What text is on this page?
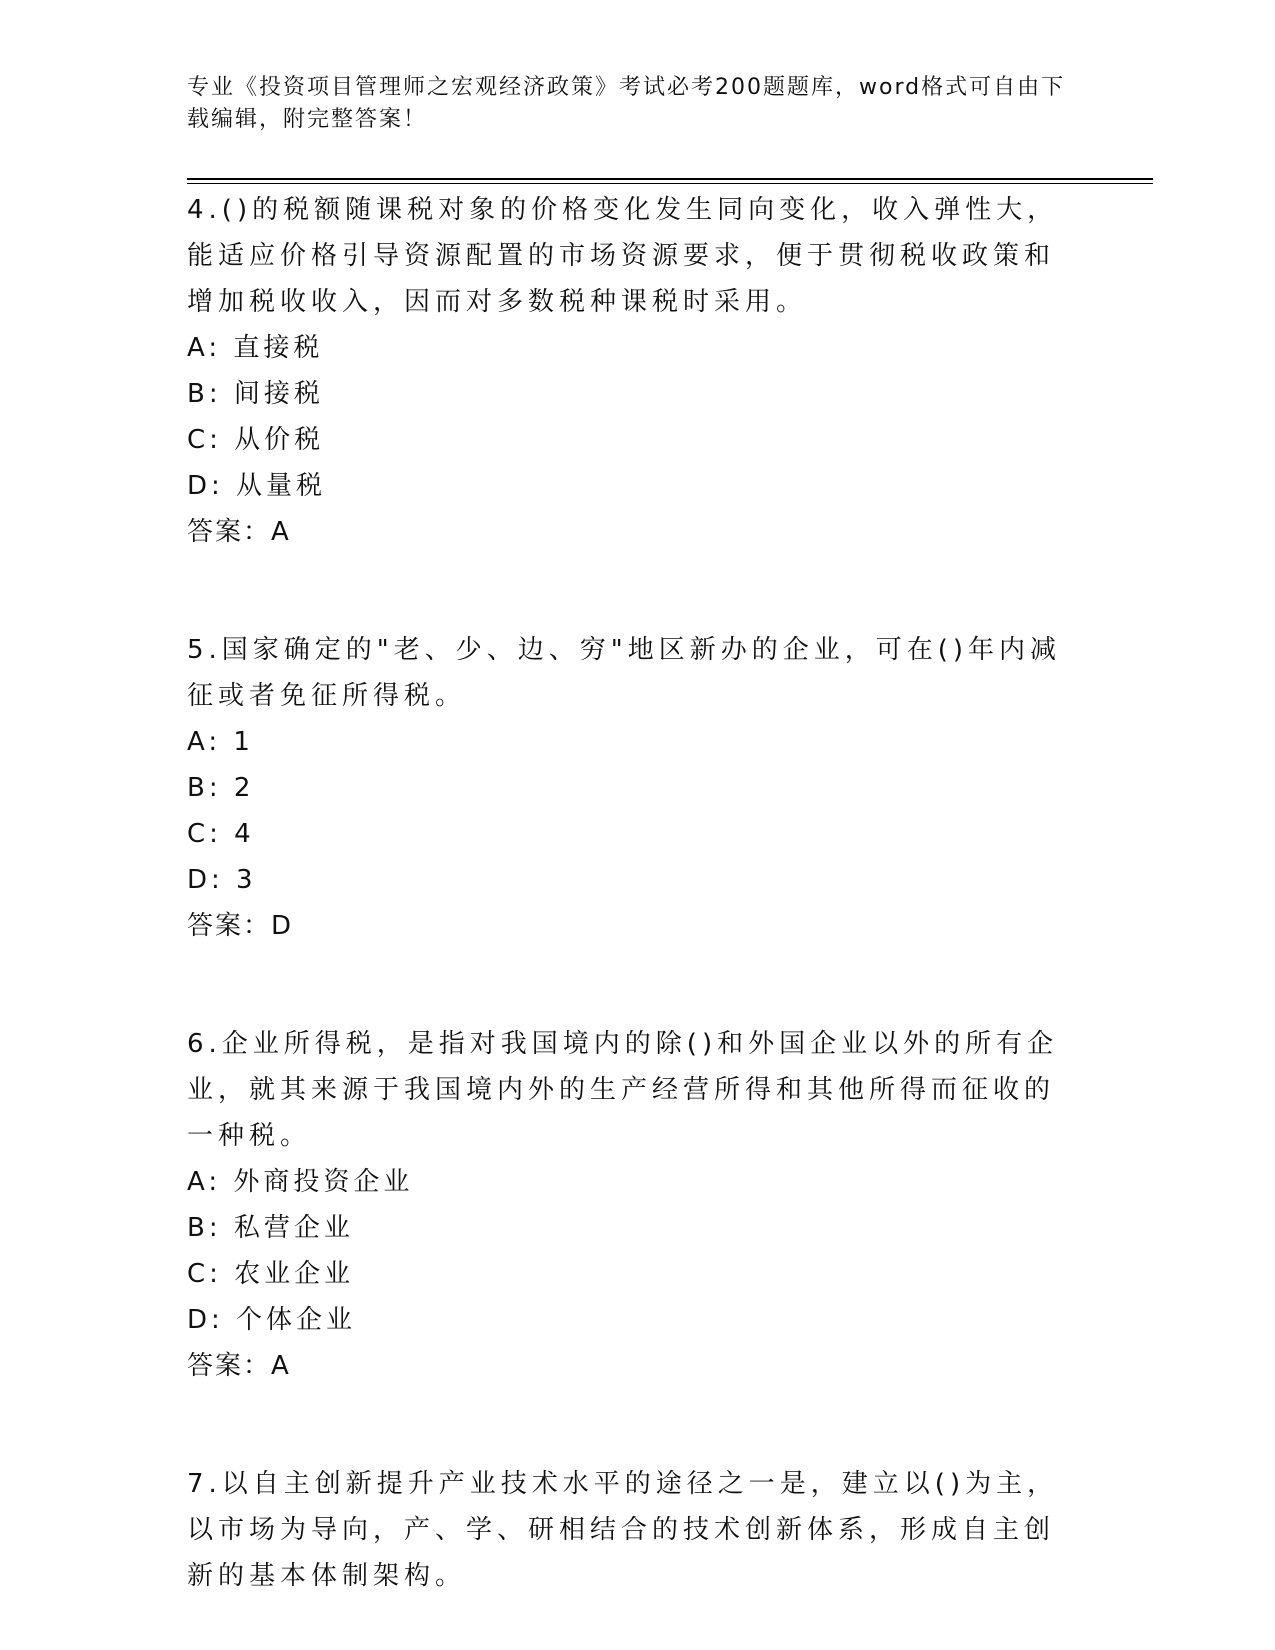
专业《投资项目管理师之宏观经济政策》考试必考200题题库，word格式可自由下载编辑，附完整答案！

4.()的税额随课税对象的价格变化发生同向变化，收入弹性大，能适应价格引导资源配置的市场资源要求，便于贯彻税收政策和增加税收收入，因而对多数税种课税时采用。

A: 直接税

B: 间接税

C: 从价税

D: 从量税

答案：A

5.国家确定的"老、少、边、穷"地区新办的企业，可在()年内减征或者免征所得税。

A: 1

B: 2

C: 4

D: 3

答案：D

6.企业所得税，是指对我国境内的除()和外国企业以外的所有企业，就其来源于我国境内外的生产经营所得和其他所得而征收的一种税。

A: 外商投资企业

B: 私营企业

C: 农业企业

D: 个体企业

答案：A

7.以自主创新提升产业技术水平的途径之一是，建立以()为主，以市场为导向，产、学、研相结合的技术创新体系，形成自主创新的基本体制架构。
